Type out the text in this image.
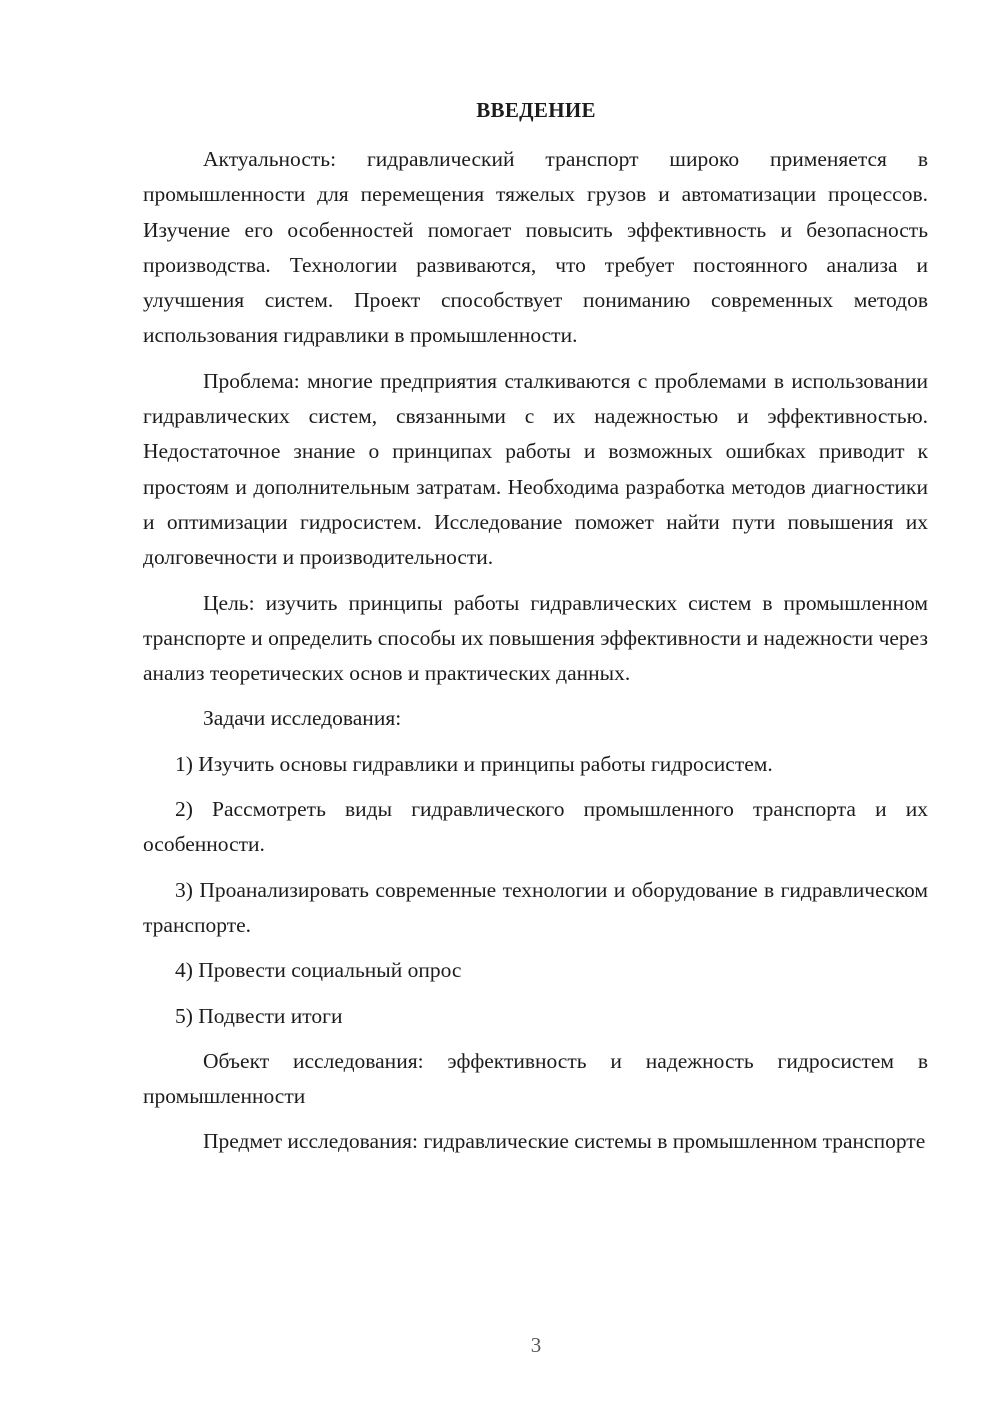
ВВЕДЕНИЕ

Актуальность: гидравлический транспорт широко применяется в промышленности для перемещения тяжелых грузов и автоматизации процессов. Изучение его особенностей помогает повысить эффективность и безопасность производства. Технологии развиваются, что требует постоянного анализа и улучшения систем. Проект способствует пониманию современных методов использования гидравлики в промышленности.

Проблема: многие предприятия сталкиваются с проблемами в использовании гидравлических систем, связанными с их надежностью и эффективностью. Недостаточное знание о принципах работы и возможных ошибках приводит к простоям и дополнительным затратам. Необходима разработка методов диагностики и оптимизации гидросистем. Исследование поможет найти пути повышения их долговечности и производительности.

Цель: изучить принципы работы гидравлических систем в промышленном транспорте и определить способы их повышения эффективности и надежности через анализ теоретических основ и практических данных.

Задачи исследования:

1) Изучить основы гидравлики и принципы работы гидросистем.

2) Рассмотреть виды гидравлического промышленного транспорта и их особенности.

3) Проанализировать современные технологии и оборудование в гидравлическом транспорте.

4) Провести социальный опрос

5) Подвести итоги

Объект исследования: эффективность и надежность гидросистем в промышленности

Предмет исследования: гидравлические системы в промышленном транспорте

3
